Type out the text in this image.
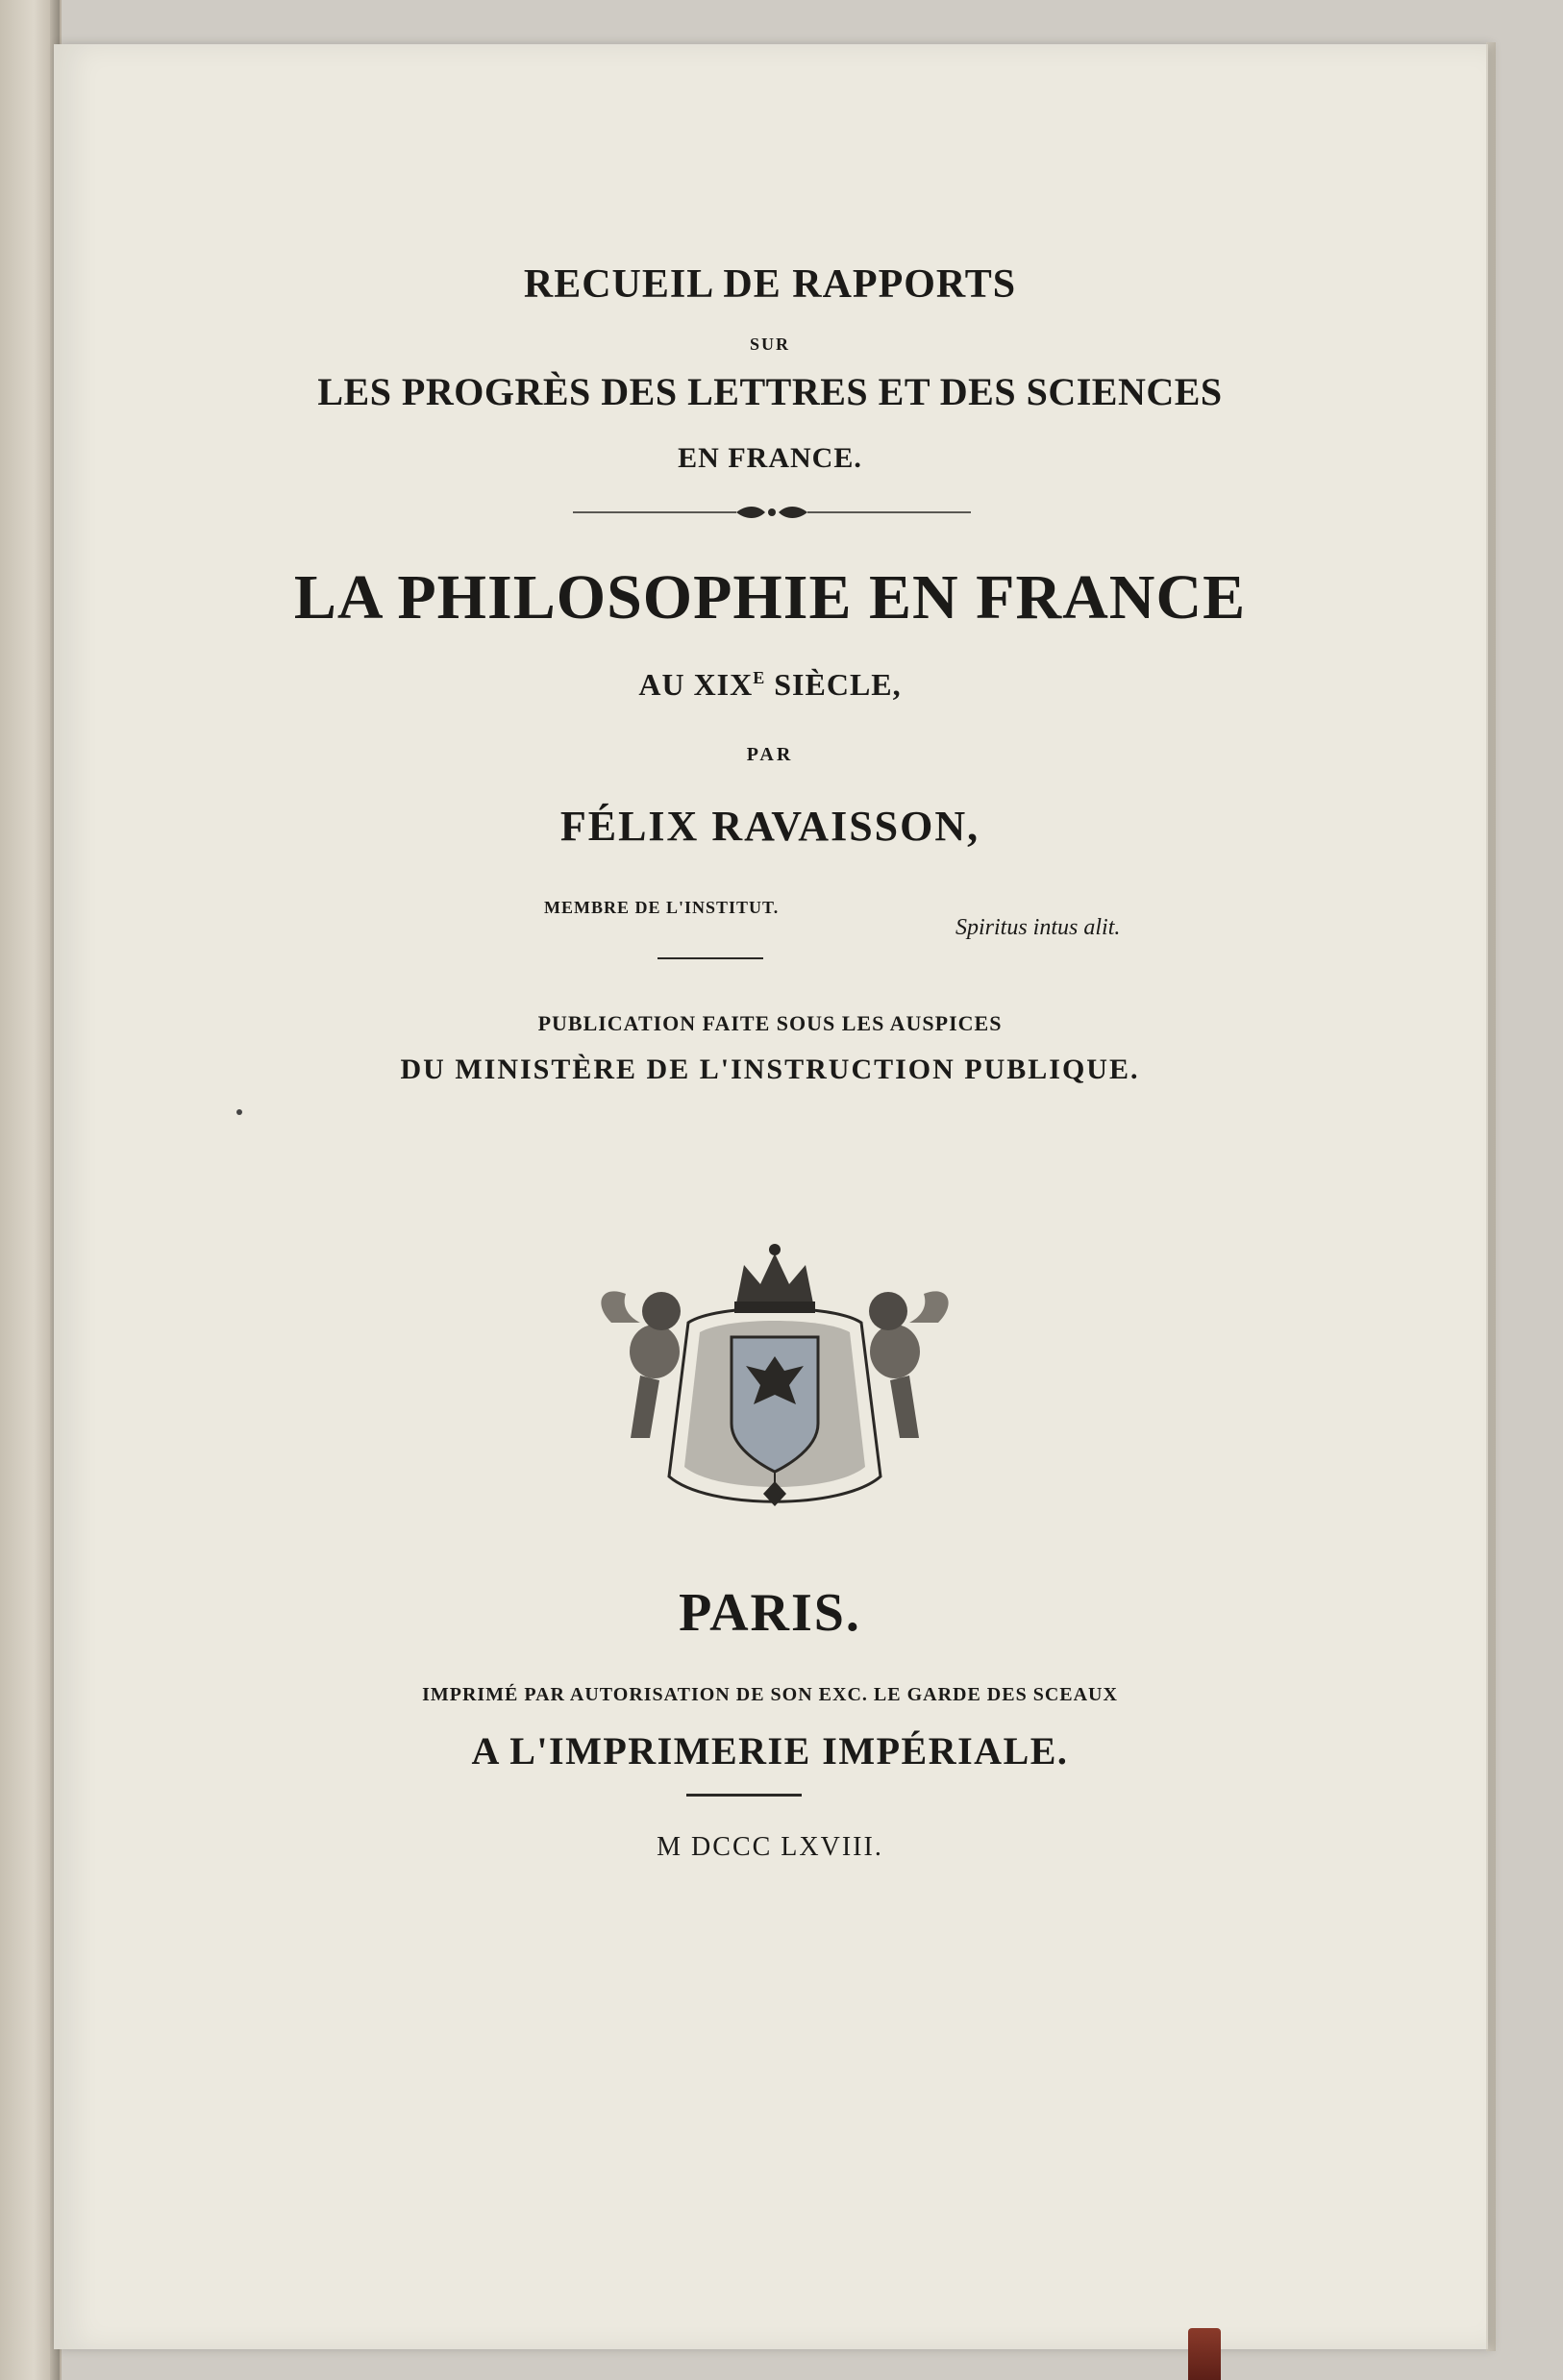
RECUEIL DE RAPPORTS
SUR
LES PROGRÈS DES LETTRES ET DES SCIENCES
EN FRANCE.
LA PHILOSOPHIE EN FRANCE
AU $XIX^E$ SIÈCLE,
PAR
FÉLIX RAVAISSON,
MEMBRE DE L'INSTITUT.
Spiritus intus alit.
PUBLICATION FAITE SOUS LES AUSPICES
DU MINISTÈRE DE L'INSTRUCTION PUBLIQUE.
PARIS.
IMPRIMÉ PAR AUTORISATION DE SON EXC. LE GARDE DES SCEAUX
A L'IMPRIMERIE IMPÉRIALE.
M DCCC LXVIII.
